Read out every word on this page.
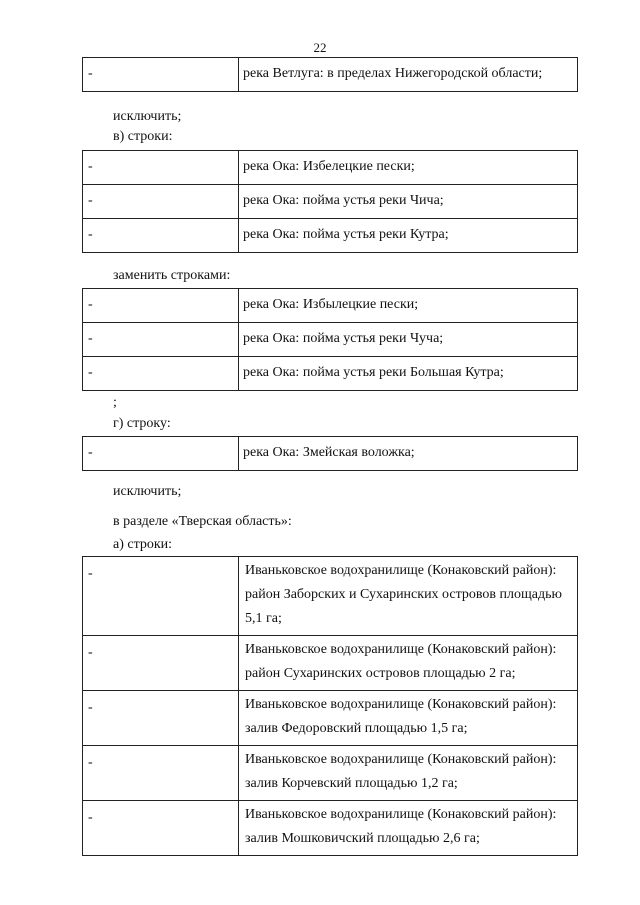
22
-	река Ветлуга: в пределах Нижегородской области;
исключить;
в) строки:
-	река Ока: Избелецкие пески;

-	река Ока: пойма устья реки Чича;

-	река Ока: пойма устья реки Кутра;
заменить строками:
-	река Ока: Избылецкие пески;

-	река Ока: пойма устья реки Чуча;

-	река Ока: пойма устья реки Большая Кутра;
;
г) строку:
-	река Ока: Змейская воложка;
исключить;
в разделе «Тверская область»:
а) строки:
-	Иваньковское водохранилище (Конаковский район): район Заборских и Сухаринских островов площадью 5,1 га;

-	Иваньковское водохранилище (Конаковский район): район Сухаринских островов площадью 2 га;

-	Иваньковское водохранилище (Конаковский район): залив Федоровский площадью 1,5 га;

-	Иваньковское водохранилище (Конаковский район): залив Корчевский площадью 1,2 га;

-	Иваньковское водохранилище (Конаковский район): залив Мошковичский площадью 2,6 га;
